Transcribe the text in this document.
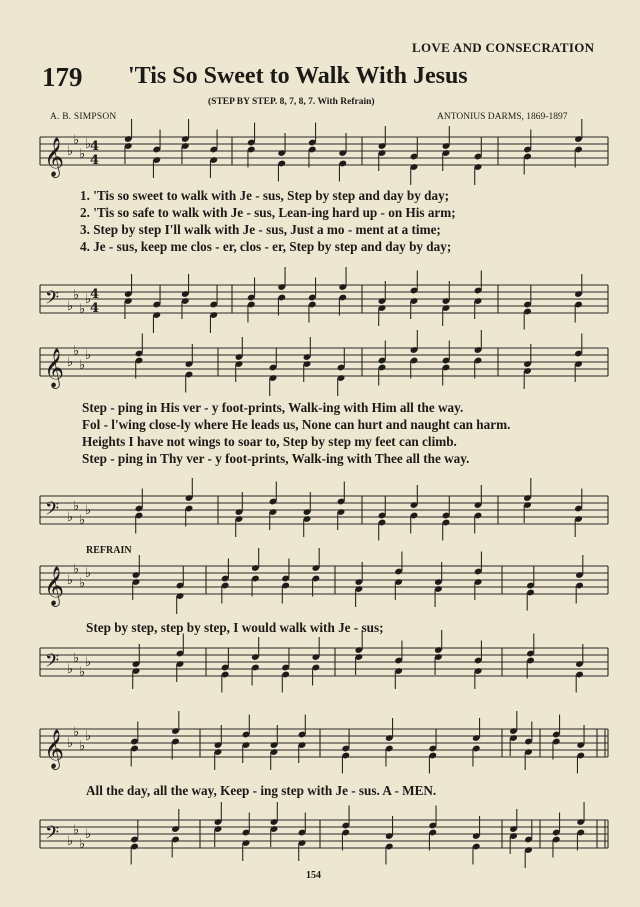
LOVE AND CONSECRATION
179 'Tis So Sweet to Walk With Jesus
(STEP BY STEP. 8, 7, 8, 7. With Refrain)
A. B. SIMPSON	ANTONIUS DARMS, 1869-1897
𝄞 ♭
♭
♭
♭
4
4
𝄢 ♭
♭
♭
♭
4
4
𝄞 ♭
♭
♭
♭
𝄢 ♭
♭
♭
♭
𝄞 ♭
♭
♭
♭
𝄢 ♭
♭
♭
♭
𝄞 ♭
♭
♭
♭
𝄢 ♭
♭
♭
♭
1. 'Tis so sweet to walk with Je - sus, Step by step and day by day;
2. 'Tis so safe to walk with Je - sus, Lean-ing hard up - on His arm;
3. Step by step I'll walk with Je - sus, Just a mo - ment at a time;
4. Je - sus, keep me clos - er, clos - er, Step by step and day by day;
Step - ping in His ver - y foot-prints, Walk-ing with Him all the way.
Fol - l'wing close-ly where He leads us, None can hurt and naught can harm.
Heights I have not wings to soar to, Step by step my feet can climb.
Step - ping in Thy ver - y foot-prints, Walk-ing with Thee all the way.
REFRAIN
Step by step, step by step, I would walk with Je - sus;
All the day, all the way, Keep - ing step with Je - sus. A - MEN.
154
